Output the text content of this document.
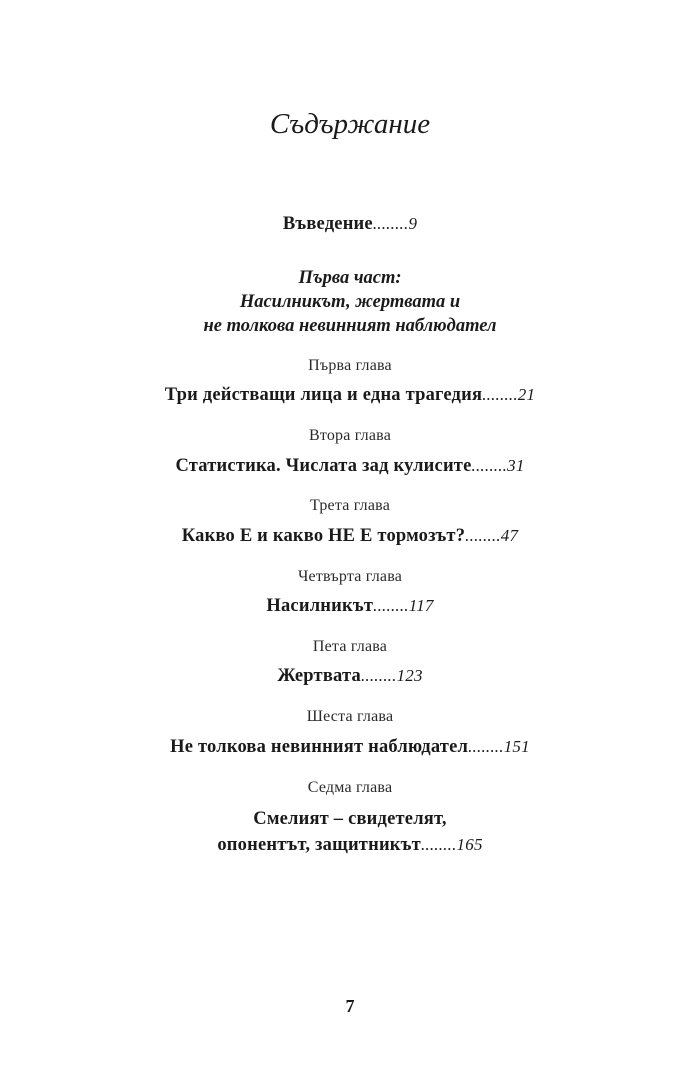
Съдържание
Въведение........9
Първа част:
Насилникът, жертвата и
не толкова невинният наблюдател
Първа глава
Три действащи лица и една трагедия........21
Втора глава
Статистика. Числата зад кулисите........31
Трета глава
Какво Е и какво НЕ Е тормозът?........47
Четвърта глава
Насилникът........117
Пета глава
Жертвата........123
Шеста глава
Не толкова невинният наблюдател........151
Седма глава
Смелият – свидетелят,
опонентът, защитникът........165
7
